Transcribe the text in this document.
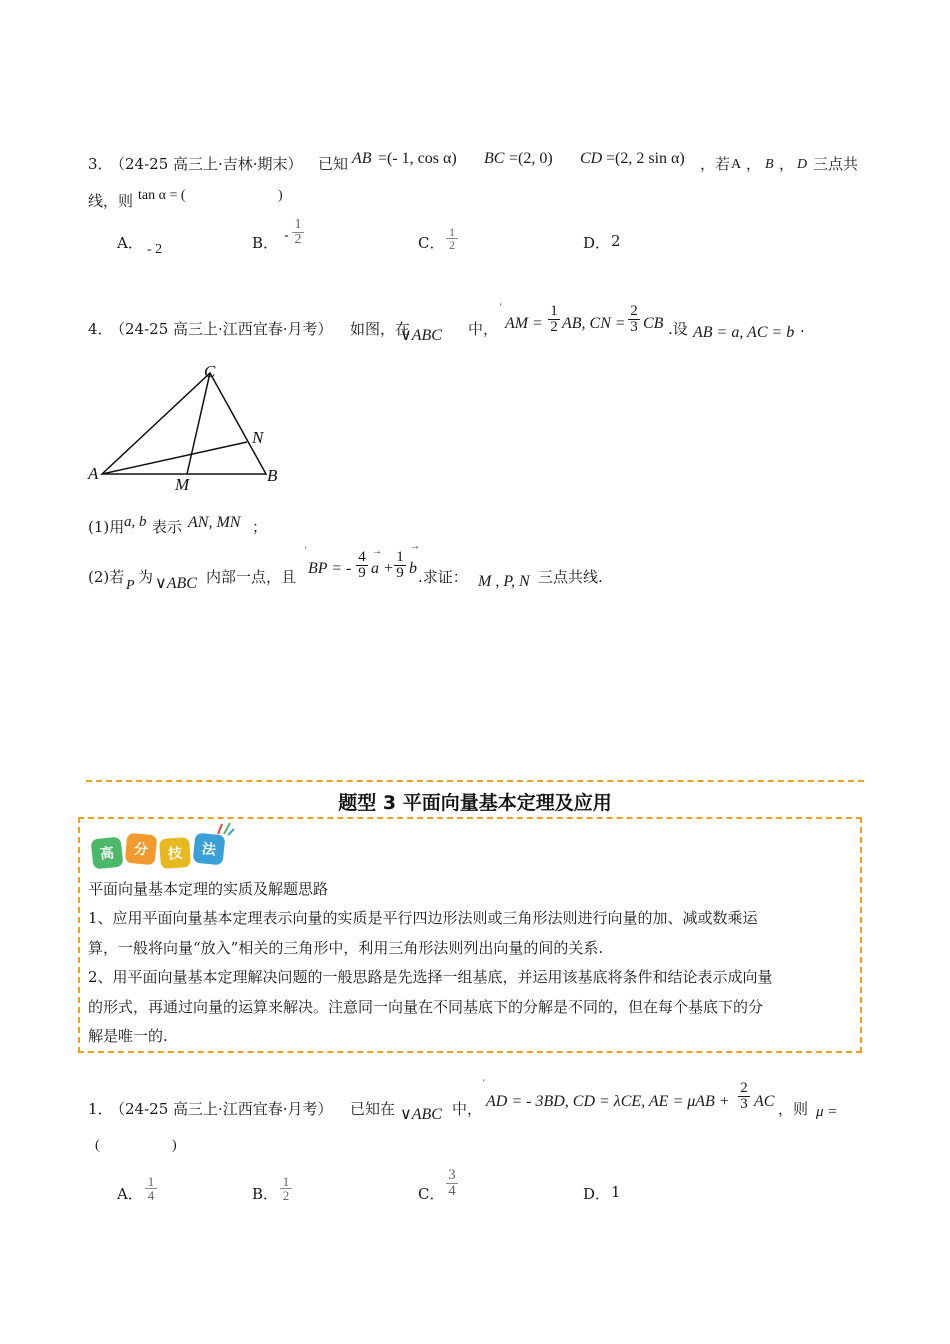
3．
（24-25 高三上·吉林·期末） 已知 AB =(- 1, cos α) BC =(2, 0) CD =(2, 2 sin α) ，若 A ， B ， D 三点共
线，则 tan α = (	)
A． - 2	B． -
1
2	C．
1
2	D． 2
4．
（24-25 高三上·江西宜春·月考） 如图，在
∨ABC 中，
'
AM =
1
2 AB, CN =
2
3 CB .设 AB = a, AC = b ·
C
N
A
M	B
(1)用 a, b 表示 AN, MN ；
(2)若 P 为 ∨ABC 内部一点，且
'
BP = -
4
9
→
a +
1
9
→
b .求证： M , P, N 三点共线.
题型 3 平面向量基本定理及应用
高	分	技	法
平面向量基本定理的实质及解题思路
1、应用平面向量基本定理表示向量的实质是平行四边形法则或三角形法则进行向量的加、减或数乘运
算，一般将向量“放入”相关的三角形中，利用三角形法则列出向量的间的关系.
2、用平面向量基本定理解决问题的一般思路是先选择一组基底，并运用该基底将条件和结论表示成向量
的形式，再通过向量的运算来解决。注意同一向量在不同基底下的分解是不同的，但在每个基底下的分
解是唯一的.
1．
（24-25 高三上·江西宜春·月考） 已知在 ∨ABC 中，
'
AD = - 3BD, CD = λCE, AE = μAB +
2
3 AC ，则 μ =
(	)
A．
1
4	B．
1
2	C．
3
4	D． 1
